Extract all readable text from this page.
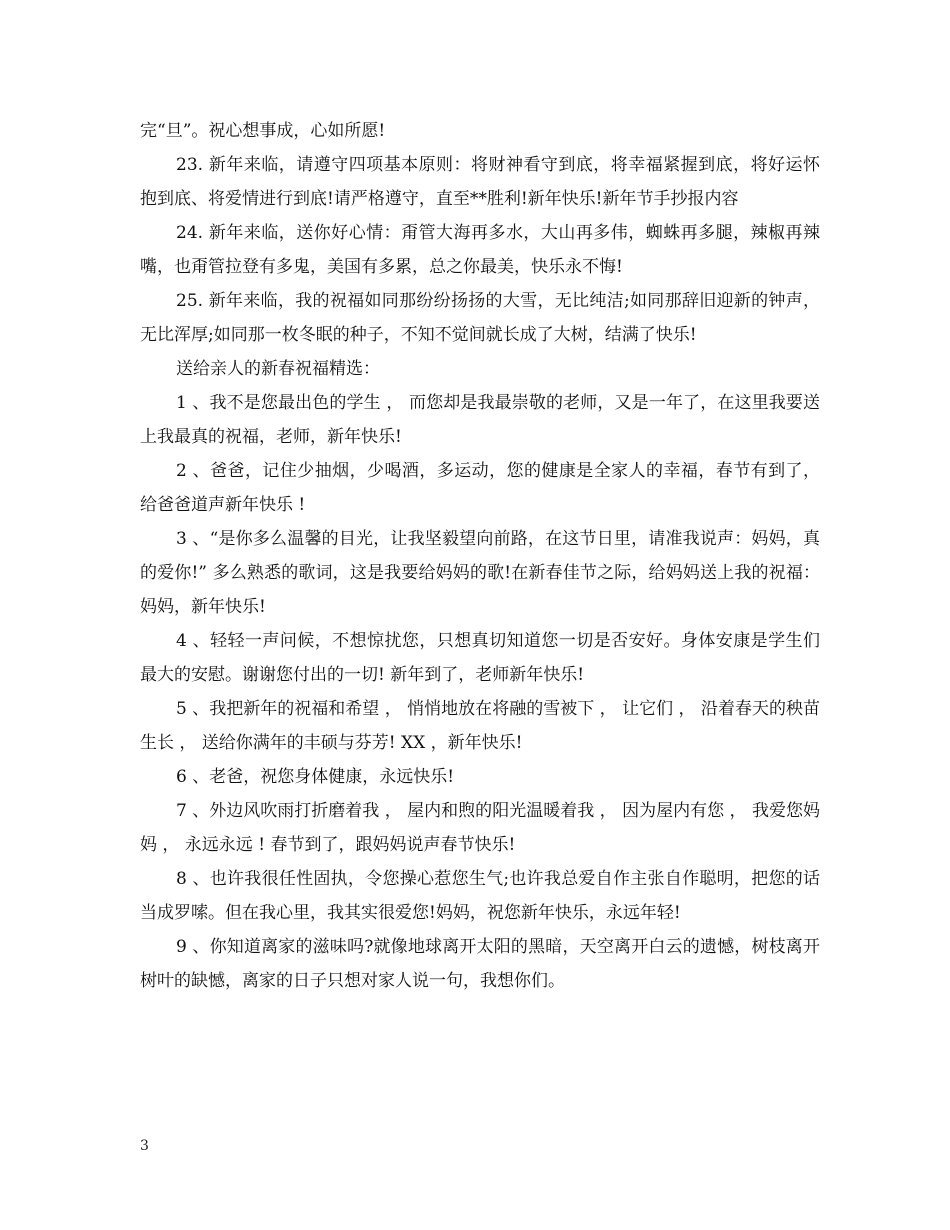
完“旦”。祝心想事成，心如所愿!

23. 新年来临，请遵守四项基本原则：将财神看守到底，将幸福紧握到底，将好运怀抱到底、将爱情进行到底!请严格遵守，直至**胜利!新年快乐!新年节手抄报内容

24. 新年来临，送你好心情：甭管大海再多水，大山再多伟，蜘蛛再多腿，辣椒再辣嘴，也甭管拉登有多鬼，美国有多累，总之你最美，快乐永不悔!

25. 新年来临，我的祝福如同那纷纷扬扬的大雪，无比纯洁;如同那辞旧迎新的钟声，无比浑厚;如同那一枚冬眠的种子，不知不觉间就长成了大树，结满了快乐!

送给亲人的新春祝福精选：

1 、我不是您最出色的学生 ， 而您却是我最崇敬的老师，又是一年了，在这里我要送上我最真的祝福，老师，新年快乐!

2 、爸爸，记住少抽烟，少喝酒，多运动，您的健康是全家人的幸福，春节有到了，给爸爸道声新年快乐 !

3 、“是你多么温馨的目光，让我坚毅望向前路，在这节日里，请准我说声：妈妈，真的爱你!” 多么熟悉的歌词，这是我要给妈妈的歌!在新春佳节之际，给妈妈送上我的祝福：妈妈，新年快乐!

4 、轻轻一声问候，不想惊扰您，只想真切知道您一切是否安好。身体安康是学生们最大的安慰。谢谢您付出的一切! 新年到了，老师新年快乐!

5 、我把新年的祝福和希望 ， 悄悄地放在将融的雪被下 ， 让它们 ， 沿着春天的秧苗生长 ， 送给你满年的丰硕与芬芳! XX ，新年快乐!

6 、老爸，祝您身体健康，永远快乐!

7 、外边风吹雨打折磨着我 ， 屋内和煦的阳光温暖着我 ， 因为屋内有您 ， 我爱您妈妈 ， 永远永远 ! 春节到了，跟妈妈说声春节快乐!

8 、也许我很任性固执，令您操心惹您生气;也许我总爱自作主张自作聪明，把您的话当成罗嗦。但在我心里，我其实很爱您!妈妈，祝您新年快乐，永远年轻!

9 、你知道离家的滋味吗?就像地球离开太阳的黑暗，天空离开白云的遗憾，树枝离开树叶的缺憾，离家的日子只想对家人说一句，我想你们。

3
